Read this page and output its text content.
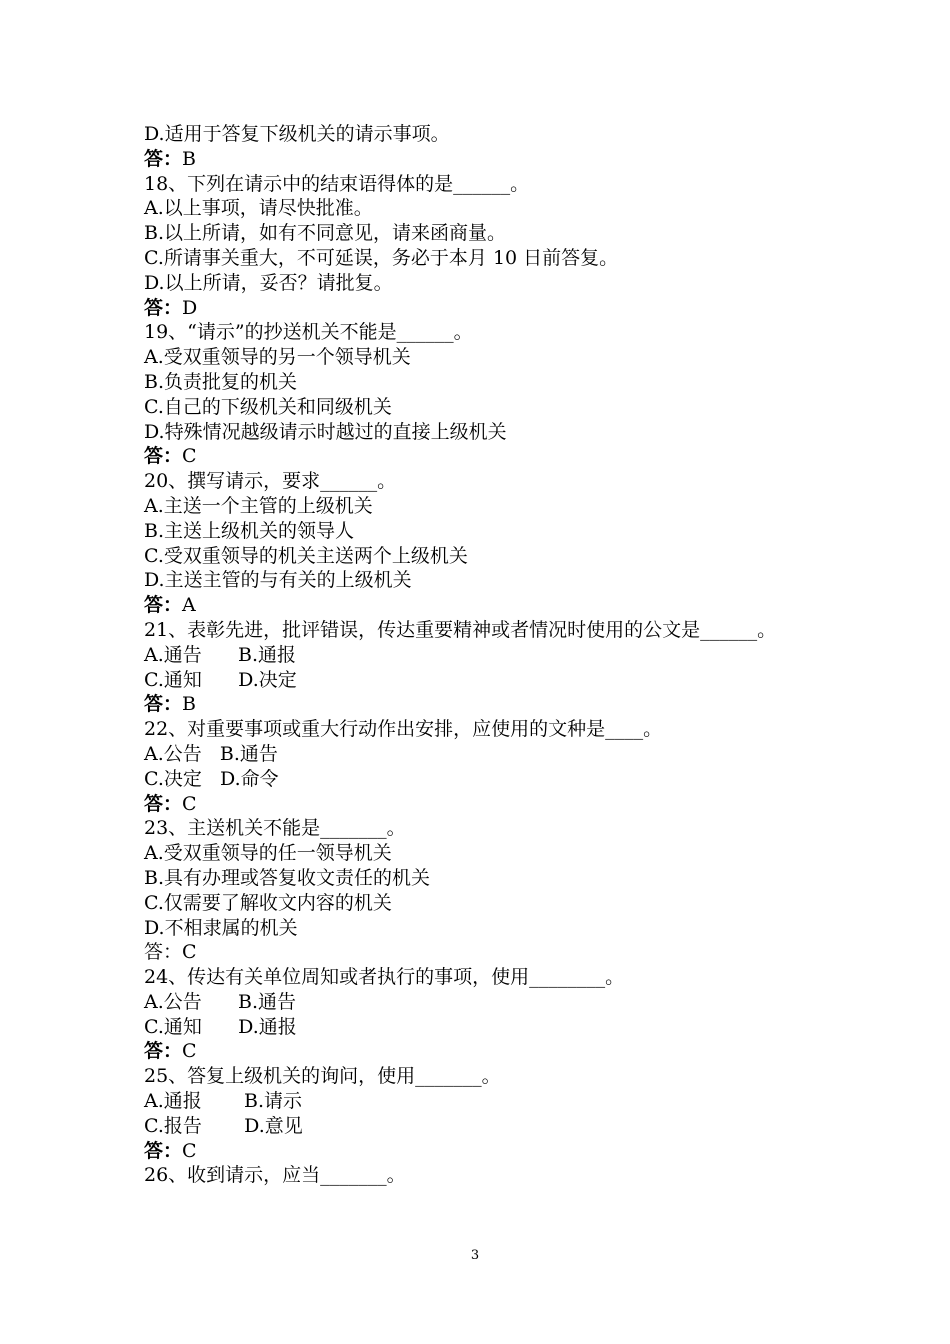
D.适用于答复下级机关的请示事项。
答：B
18、下列在请示中的结束语得体的是______。
A.以上事项，请尽快批准。
B.以上所请，如有不同意见，请来函商量。
C.所请事关重大，不可延误，务必于本月 10 日前答复。
D.以上所请，妥否？请批复。
答：D
19、“请示”的抄送机关不能是______。
A.受双重领导的另一个领导机关
B.负责批复的机关
C.自己的下级机关和同级机关
D.特殊情况越级请示时越过的直接上级机关
答：C
20、撰写请示，要求______。
A.主送一个主管的上级机关
B.主送上级机关的领导人
C.受双重领导的机关主送两个上级机关
D.主送主管的与有关的上级机关
答：A
21、表彰先进，批评错误，传达重要精神或者情况时使用的公文是______。
A.通告      B.通报
C.通知      D.决定
答：B
22、对重要事项或重大行动作出安排，应使用的文种是____。
A.公告   B.通告
C.决定   D.命令
答：C
23、主送机关不能是_______。
A.受双重领导的任一领导机关
B.具有办理或答复收文责任的机关
C.仅需要了解收文内容的机关
D.不相隶属的机关
答：C
24、传达有关单位周知或者执行的事项，使用________。
A.公告      B.通告
C.通知      D.通报
答：C
25、答复上级机关的询问，使用_______。
A.通报       B.请示
C.报告       D.意见
答：C
26、收到请示，应当_______。
3
